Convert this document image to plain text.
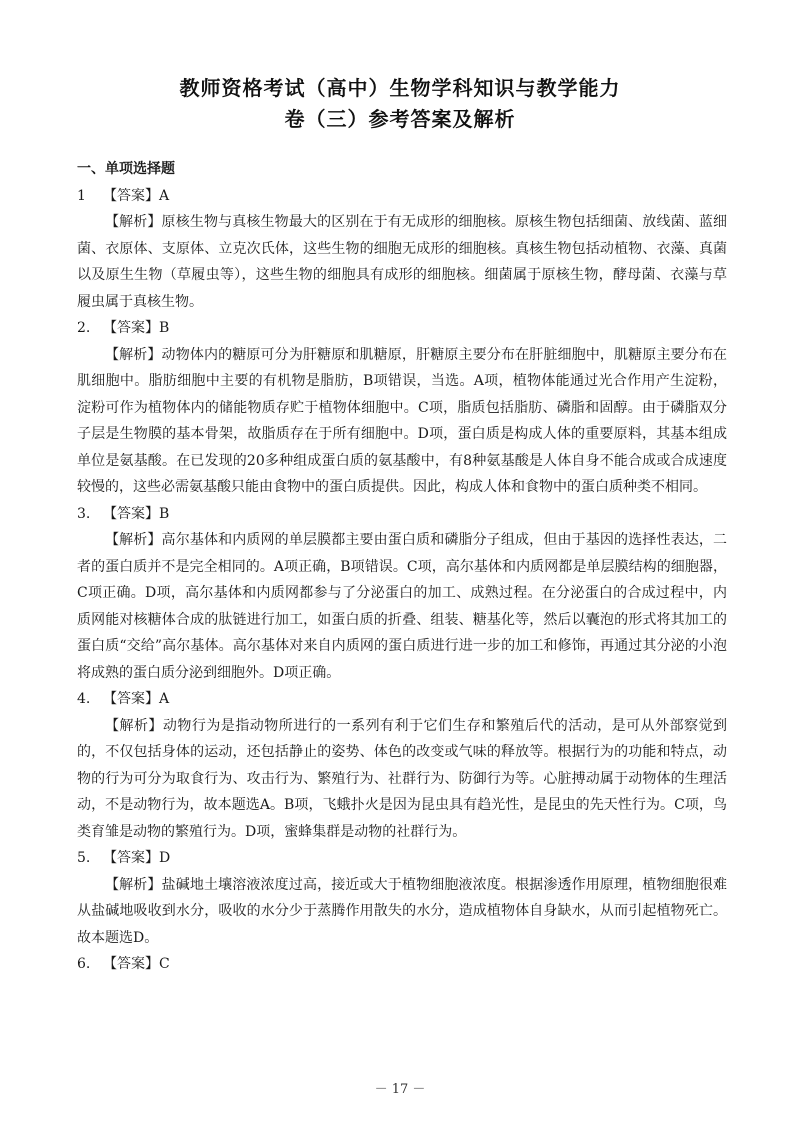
教师资格考试（高中）生物学科知识与教学能力
卷（三）参考答案及解析

一、单项选择题

1 【答案】A

【解析】原核生物与真核生物最大的区别在于有无成形的细胞核。原核生物包括细菌、放线菌、蓝细菌、衣原体、支原体、立克次氏体，这些生物的细胞无成形的细胞核。真核生物包括动植物、衣藻、真菌以及原生生物（草履虫等），这些生物的细胞具有成形的细胞核。细菌属于原核生物，酵母菌、衣藻与草履虫属于真核生物。

2. 【答案】B

【解析】动物体内的糖原可分为肝糖原和肌糖原，肝糖原主要分布在肝脏细胞中，肌糖原主要分布在肌细胞中。脂肪细胞中主要的有机物是脂肪，B项错误，当选。A项，植物体能通过光合作用产生淀粉，淀粉可作为植物体内的储能物质存贮于植物体细胞中。C项，脂质包括脂肪、磷脂和固醇。由于磷脂双分子层是生物膜的基本骨架，故脂质存在于所有细胞中。D项，蛋白质是构成人体的重要原料，其基本组成单位是氨基酸。在已发现的20多种组成蛋白质的氨基酸中，有8种氨基酸是人体自身不能合成或合成速度较慢的，这些必需氨基酸只能由食物中的蛋白质提供。因此，构成人体和食物中的蛋白质种类不相同。

3. 【答案】B

【解析】高尔基体和内质网的单层膜都主要由蛋白质和磷脂分子组成，但由于基因的选择性表达，二者的蛋白质并不是完全相同的。A项正确，B项错误。C项，高尔基体和内质网都是单层膜结构的细胞器，C项正确。D项，高尔基体和内质网都参与了分泌蛋白的加工、成熟过程。在分泌蛋白的合成过程中，内质网能对核糖体合成的肽链进行加工，如蛋白质的折叠、组装、糖基化等，然后以囊泡的形式将其加工的蛋白质“交给”高尔基体。高尔基体对来自内质网的蛋白质进行进一步的加工和修饰，再通过其分泌的小泡将成熟的蛋白质分泌到细胞外。D项正确。

4. 【答案】A

【解析】动物行为是指动物所进行的一系列有利于它们生存和繁殖后代的活动，是可从外部察觉到的，不仅包括身体的运动，还包括静止的姿势、体色的改变或气味的释放等。根据行为的功能和特点，动物的行为可分为取食行为、攻击行为、繁殖行为、社群行为、防御行为等。心脏搏动属于动物体的生理活动，不是动物行为，故本题选A。B项，飞蛾扑火是因为昆虫具有趋光性，是昆虫的先天性行为。C项，鸟类育雏是动物的繁殖行为。D项，蜜蜂集群是动物的社群行为。

5. 【答案】D

【解析】盐碱地土壤溶液浓度过高，接近或大于植物细胞液浓度。根据渗透作用原理，植物细胞很难从盐碱地吸收到水分，吸收的水分少于蒸腾作用散失的水分，造成植物体自身缺水，从而引起植物死亡。故本题选D。

6. 【答案】C

－ 17 －
